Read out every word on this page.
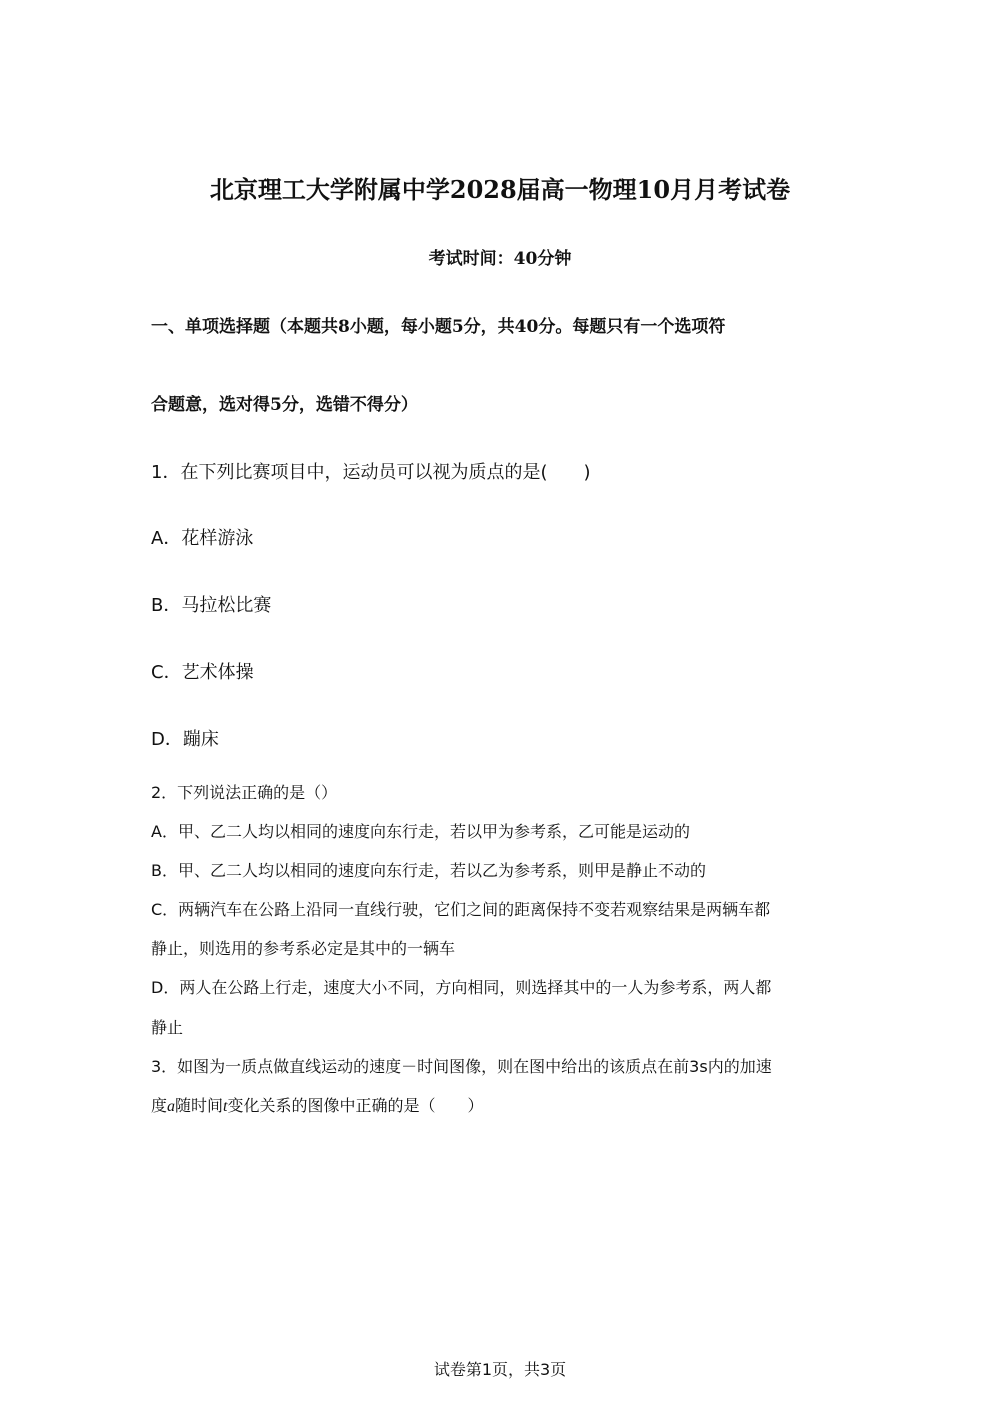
北京理工大学附属中学2028届高一物理10月月考试卷

考试时间：40分钟

一、单项选择题（本题共8小题，每小题5分，共40分。每题只有一个选项符

合题意，选对得5分，选错不得分）

1．在下列比赛项目中，运动员可以视为质点的是(　　)

A．花样游泳

B．马拉松比赛

C．艺术体操

D．蹦床

2．下列说法正确的是（）

A．甲、乙二人均以相同的速度向东行走，若以甲为参考系，乙可能是运动的

B．甲、乙二人均以相同的速度向东行走，若以乙为参考系，则甲是静止不动的

C．两辆汽车在公路上沿同一直线行驶，它们之间的距离保持不变若观察结果是两辆车都

静止，则选用的参考系必定是其中的一辆车

D．两人在公路上行走，速度大小不同，方向相同，则选择其中的一人为参考系，两人都

静止

3．如图为一质点做直线运动的速度－时间图像，则在图中给出的该质点在前3s内的加速

度a随时间t变化关系的图像中正确的是（　　）

试卷第1页，共3页
